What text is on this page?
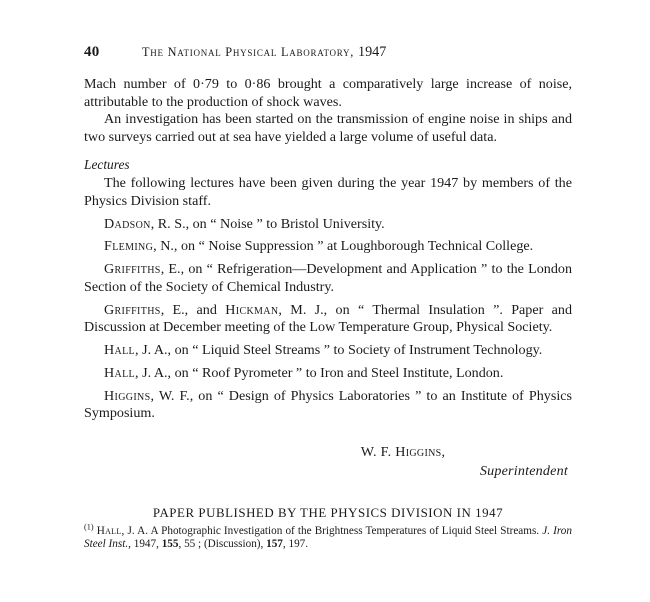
40	The National Physical Laboratory, 1947

Mach number of 0·79 to 0·86 brought a comparatively large increase of noise, attributable to the production of shock waves.

An investigation has been started on the transmission of engine noise in ships and two surveys carried out at sea have yielded a large volume of useful data.

Lectures

The following lectures have been given during the year 1947 by members of the Physics Division staff.

Dadson, R. S., on “ Noise ” to Bristol University.

Fleming, N., on “ Noise Suppression ” at Loughborough Technical College.

Griffiths, E., on “ Refrigeration—Development and Application ” to the London Section of the Society of Chemical Industry.

Griffiths, E., and Hickman, M. J., on “ Thermal Insulation ”. Paper and Discussion at December meeting of the Low Temperature Group, Physical Society.

Hall, J. A., on “ Liquid Steel Streams ” to Society of Instrument Technology.

Hall, J. A., on “ Roof Pyrometer ” to Iron and Steel Institute, London.

Higgins, W. F., on “ Design of Physics Laboratories ” to an Institute of Physics Symposium.

W. F. Higgins,
Superintendent
PAPER PUBLISHED BY THE PHYSICS DIVISION IN 1947
$^{(1)}$ Hall, J. A. A Photographic Investigation of the Brightness Temperatures of Liquid Steel Streams. J. Iron Steel Inst., 1947, 155, 55 ; (Discussion), 157, 197.
